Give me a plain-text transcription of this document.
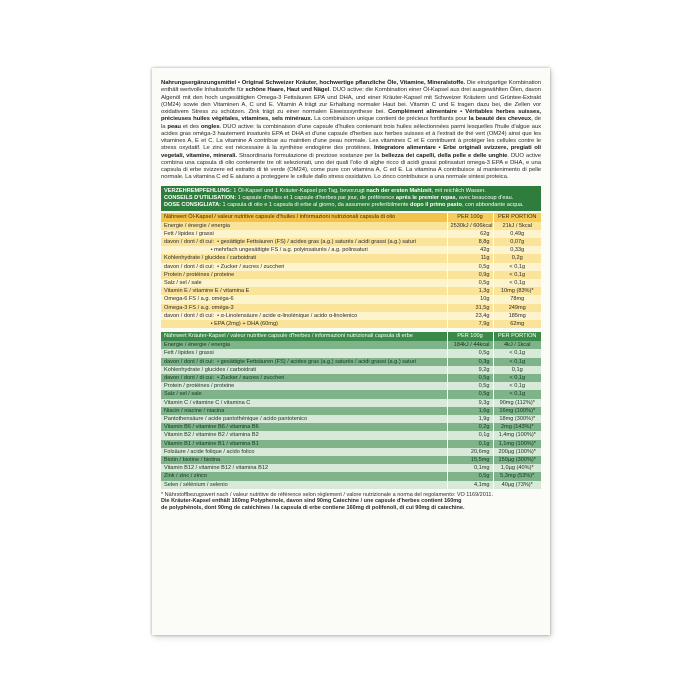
Nahrungsergänzungsmittel • Original Schweizer Kräuter, hochwertige pflanzliche Öle, Vitamine, Mineralstoffe. Die einzigartige Kombination enthält wertvolle Inhaltsstoffe für schöne Haare, Haut und Nägel. DUO active: die Kombination einer Öl-Kapsel aus drei ausgewählten Ölen, davon Algenöl mit den hoch ungesättigten Omega-3 Fettsäuren EPA und DHA, und einer Kräuter-Kapsel mit Schweizer Kräutern und Grüntee-Extrakt (OM24) sowie den Vitaminen A, C und E. Vitamin A trägt zur Erhaltung normaler Haut bei. Vitamin C und E tragen dazu bei, die Zellen vor oxidativem Stress zu schützen. Zink trägt zu einer normalen Eiweisssynthese bei. Complément alimentaire • Véritables herbes suisses, précieuses huiles végétales, vitamines, sels minéraux. La combinaison unique contient de précieux fortifiants pour la beauté des cheveux, de la peau et des ongles. DUO active: la combinaison d'une capsule d'huiles contenant trois huiles sélectionnées parmi lesquelles l'huile d'algue aux acides gras oméga-3 hautement insaturés EPA et DHA et d'une capsule d'herbes aux herbes suisses et à l'extrait de thé vert (OM24) ainsi que les vitamines A, E et C. La vitamine A contribue au maintien d'une peau normale. Les vitamines C et E contribuent à protéger les cellules contre le stress oxydatif. Le zinc est nécessaire à la synthèse endogène des protéines. Integratore alimentare • Erbe originali svizzere, pregiati oli vegetali, vitamine, minerali. Straordinaria formulazione di preziose sostanze per la bellezza dei capelli, della pelle e delle unghie. DUO active combina una capsula di olio contenente tre oli selezionati, uno dei quali l'olio di alghe ricco di acidi grassi polinsaturi omega-3 EPA e DHA, e una capsula di erbe svizzere ed estratto di tè verde (OM24), come pure con vitamina A, C ed E. La vitamina A contribuisce al mantenimento di pelle normale. La vitamina C ed E aiutano a proteggere le cellule dallo stress ossidativo. Lo zinco contribuisce a una normale sintesi proteica.

VERZEHREMPFEHLUNG: 1 Öl-Kapsel und 1 Kräuter-Kapsel pro Tag, bevorzugt nach der ersten Mahlzeit, mit reichlich Wasser.
CONSEILS D'UTILISATION: 1 capsule d'huiles et 1 capsule d'herbes par jour, de préférence après le premier repas, avec beaucoup d'eau.
DOSE CONSIGLIATA: 1 capsula di olio e 1 capsula di erbe al giorno, da assumere preferibilmente dopo il primo pasto, con abbondante acqua.
Nährwert Öl-Kapsel / valeur nutritive capsule d'huiles / informazioni nutrizionali capsula di olio	PER 100g	PER PORTION
Energie / énergie / energia	2530kJ / 606kcal	21kJ / 5kcal
Fett / lipides / grassi	62g	0,49g
davon / dont / di cui:  • gesättigte Fettsäuren (FS) / acides gras (a.g.) saturés / acidi grassi (a.g.) saturi	8,8g	0,07g
• mehrfach ungesättigte FS / a.g. polyinsaturés / a.g. polinsaturi	42g	0,33g
Kohlenhydrate / glucides / carboidrati	11g	0,2g
davon / dont / di cui:  • Zucker / sucres / zuccheri	0,5g	< 0,1g
Protein / protéines / proteine	0,9g	< 0,1g
Salz / sel / sale	0,5g	< 0,1g
Vitamin E / vitamine E / vitamina E	1,3g	10mg (83%)*
Omega-6 FS / a.g. oméga-6	10g	78mg
Omega-3 FS / a.g. oméga-3	31,5g	249mg
davon / dont / di cui:  • α-Linolensäure / acide α-linolénique / acido α-linolenico	23,4g	185mg
• EPA (2mg) + DHA (60mg)	7,9g	62mg
Nährwert Kräuter-Kapsel / valeur nutritive capsule d'herbes / informazioni nutrizionali capsula di erbe	PER 100g	PER PORTION
Energie / énergie / energia	184kJ / 44kcal	4kJ / 1kcal
Fett / lipides / grassi	0,5g	< 0,1g
davon / dont / di cui:  • gesättigte Fettsäuren (FS) / acides gras (a.g.) saturés / acidi grassi (a.g.) saturi	0,3g	< 0,1g
Kohlenhydrate / glucides / carboidrati	9,2g	0,1g
davon / dont / di cui:  • Zucker / sucres / zuccheri	0,5g	< 0,1g
Protein / protéines / proteine	0,5g	< 0,1g
Salz / sel / sale	0,5g	< 0,1g
Vitamin C / vitamine C / vitamina C	9,3g	90mg (112%)*
Niacin / niacine / niacina	1,6g	16mg (100%)*
Pantothensäure / acide pantothénique / acido pantotenico	1,9g	18mg (300%)*
Vitamin B6 / vitamine B6 / vitamina B6	0,2g	2mg (143%)*
Vitamin B2 / vitamine B2 / vitamina B2	0,1g	1,4mg (100%)*
Vitamin B1 / vitamine B1 / vitamina B1	0,1g	1,1mg (100%)*
Folsäure / acide folique / acido folico	20,6mg	200µg (100%)*
Biotin / biotine / biotina	15,5mg	150µg (300%)*
Vitamin B12 / vitamine B12 / vitamina B12	0,1mg	1,0µg (40%)*
Zink / zinc / zinco	0,5g	5,3mg (53%)*
Selen / sélénium / selenio	4,1mg	40µg (73%)*
* Nährstoffbezugswert nach / valeur nutritive de référence selon règlement / valore nutrizionale a norma del regolamento: VO 1169/2011.
Die Kräuter-Kapsel enthält 160mg Polyphenole, davon sind 90mg Catechine / une capsule d'herbes contient 160mg
de polyphénols, dont 90mg de catéchines / la capsula di erbe contiene 160mg di polifenoli, di cui 90mg di catechine.
